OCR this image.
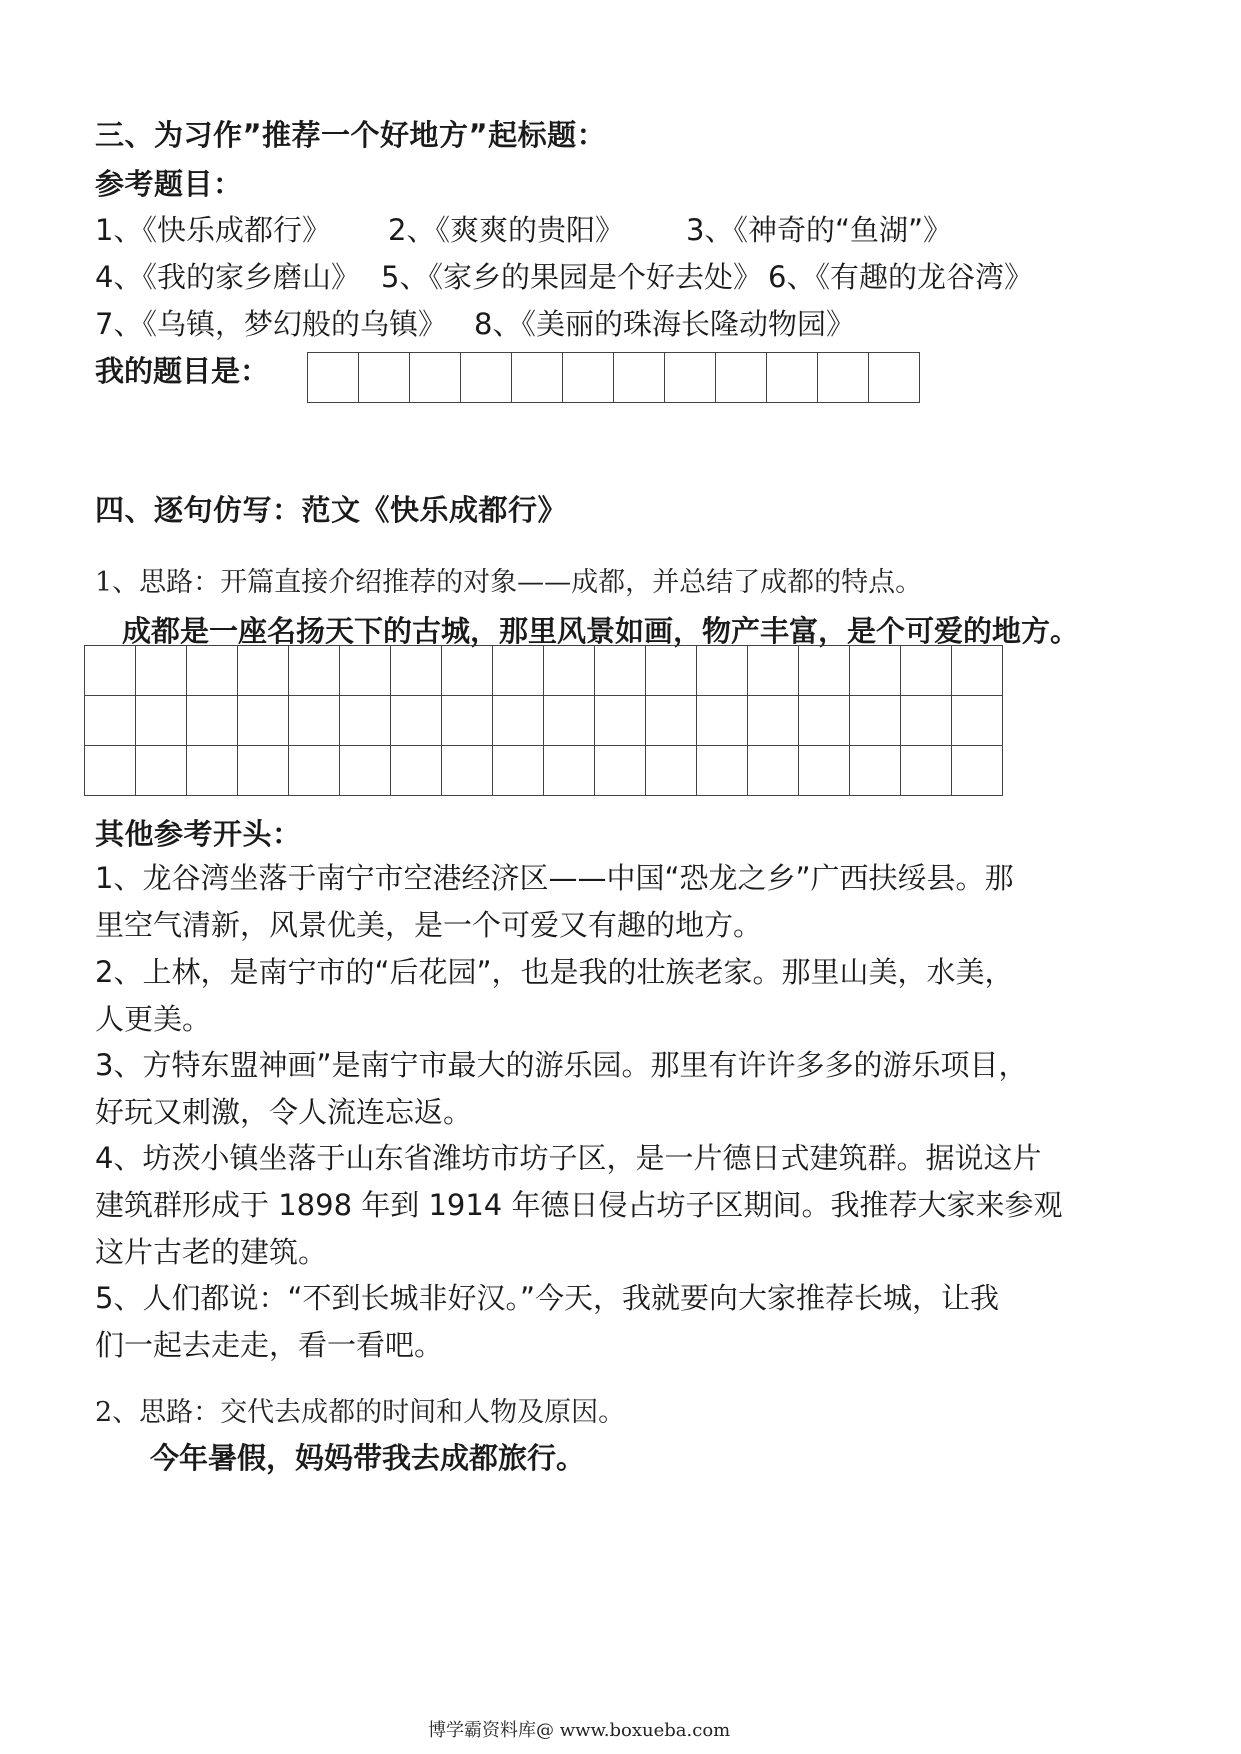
三、为习作”推荐一个好地方”起标题：
参考题目：
1、《快乐成都行》 2、《爽爽的贵阳》 3、《神奇的“鱼湖”》
4、《我的家乡磨山》 5、《家乡的果园是个好去处》 6、《有趣的龙谷湾》
7、《乌镇，梦幻般的乌镇》 8、《美丽的珠海长隆动物园》
我的题目是：

四、逐句仿写：范文《快乐成都行》
1、思路：开篇直接介绍推荐的对象——成都，并总结了成都的特点。
成都是一座名扬天下的古城，那里风景如画，物产丰富，是个可爱的地方。

其他参考开头：
1、龙谷湾坐落于南宁市空港经济区——中国“恐龙之乡”广西扶绥县。那
里空气清新，风景优美，是一个可爱又有趣的地方。
2、上林，是南宁市的“后花园”，也是我的壮族老家。那里山美，水美，
人更美。
3、方特东盟神画”是南宁市最大的游乐园。那里有许许多多的游乐项目，
好玩又刺激，令人流连忘返。
4、坊茨小镇坐落于山东省潍坊市坊子区，是一片德日式建筑群。据说这片
建筑群形成于 1898 年到 1914 年德日侵占坊子区期间。我推荐大家来参观
这片古老的建筑。
5、人们都说：“不到长城非好汉。”今天，我就要向大家推荐长城，让我
们一起去走走，看一看吧。
2、思路：交代去成都的时间和人物及原因。
今年暑假，妈妈带我去成都旅行。
博学霸资料库@ www.boxueba.com
